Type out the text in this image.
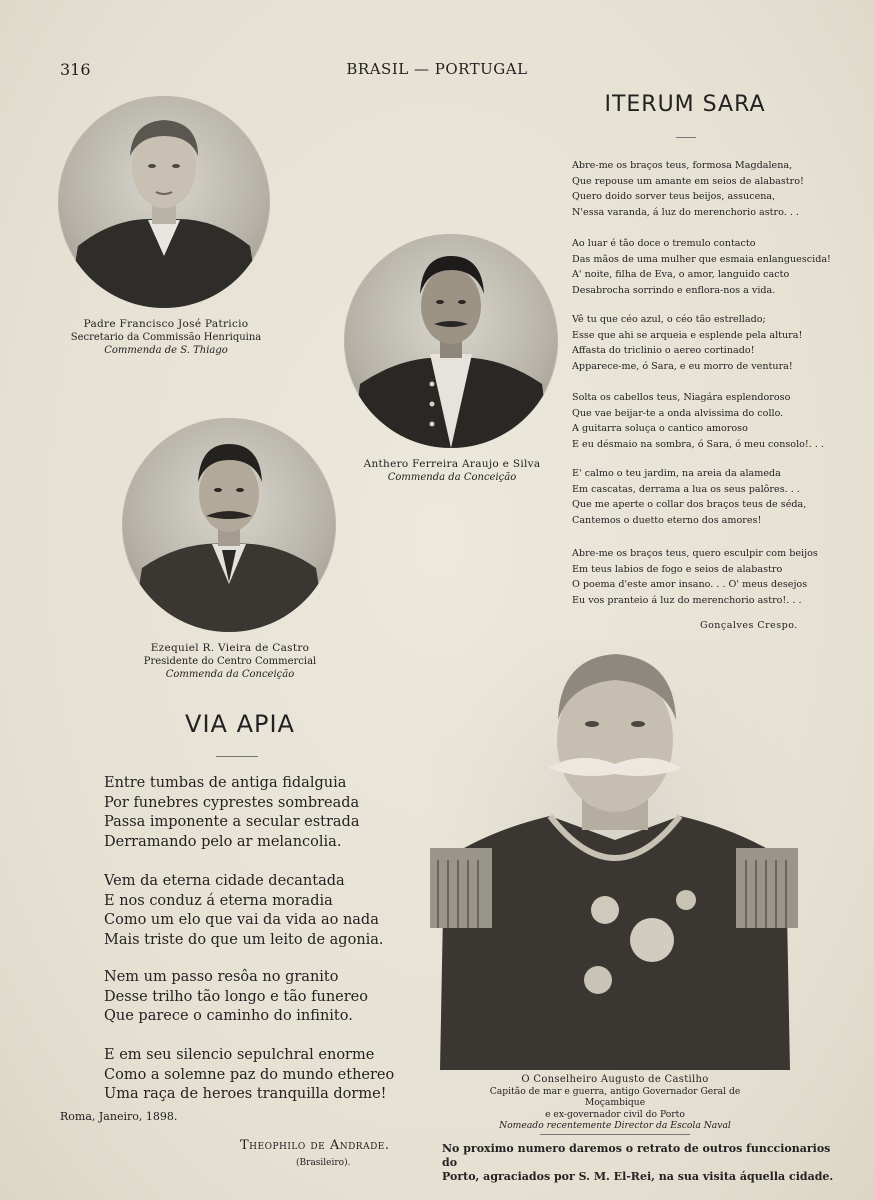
316	BRASIL — PORTUGAL
Padre Francisco José Patricio
Secretario da Commissão Henriquina
Commenda de S. Thiago
Anthero Ferreira Araujo e Silva
Commenda da Conceição
Ezequiel R. Vieira de Castro
Presidente do Centro Commercial
Commenda da Conceição
ITERUM SARA
Abre-me os braços teus, formosa Magdalena,
Que repouse um amante em seios de alabastro!
Quero doido sorver teus beijos, assucena,
N'essa varanda, á luz do merenchorio astro. . .
Ao luar é tão doce o tremulo contacto
Das mãos de uma mulher que esmaia enlanguescida!
A' noite, filha de Eva, o amor, languido cacto
Desabrocha sorrindo e enflora-nos a vida.
Vê tu que céo azul, o céo tão estrellado;
Esse que ahi se arqueia e esplende pela altura!
Affasta do triclinio o aereo cortinado!
Apparece-me, ó Sara, e eu morro de ventura!
Solta os cabellos teus, Niagára esplendoroso
Que vae beijar-te a onda alvissima do collo.
A guitarra soluça o cantico amoroso
E eu désmaio na sombra, ó Sara, ó meu consolo!. . .
E' calmo o teu jardim, na areia da alameda
Em cascatas, derrama a lua os seus palôres. . .
Que me aperte o collar dos braços teus de séda,
Cantemos o duetto eterno dos amores!
Abre-me os braços teus, quero esculpir com beijos
Em teus labios de fogo e seios de alabastro
O poema d'este amor insano. . . O' meus desejos
Eu vos pranteio á luz do merenchorio astro!. . .
Gonçalves Crespo.
VIA APIA
Entre tumbas de antiga fidalguia
Por funebres cyprestes sombreada
Passa imponente a secular estrada
Derramando pelo ar melancolia.
Vem da eterna cidade decantada
E nos conduz á eterna moradia
Como um elo que vai da vida ao nada
Mais triste do que um leito de agonia.
Nem um passo resôa no granito
Desse trilho tão longo e tão funereo
Que parece o caminho do infinito.
E em seu silencio sepulchral enorme
Como a solemne paz do mundo ethereo
Uma raça de heroes tranquilla dorme!
Roma, Janeiro, 1898.
Theophilo de Andrade.
(Brasileiro).
O Conselheiro Augusto de Castilho
Capitão de mar e guerra, antigo Governador Geral de Moçambique
e ex-governador civil do Porto
Nomeado recentemente Director da Escola Naval
No proximo numero daremos o retrato de outros funccionarios do
Porto, agraciados por S. M. El-Rei, na sua visita áquella cidade.
